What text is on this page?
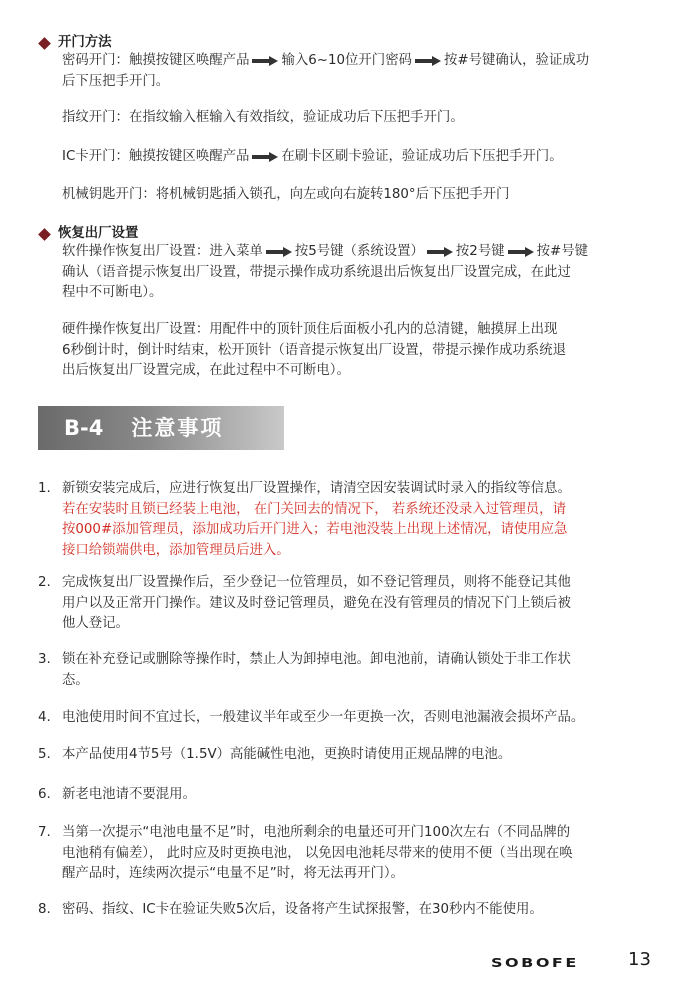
开门方法
密码开门：触摸按键区唤醒产品 输入6~10位开门密码 按#号键确认，验证成功
后下压把手开门。
指纹开门：在指纹输入框输入有效指纹，验证成功后下压把手开门。
IC卡开门：触摸按键区唤醒产品 在刷卡区刷卡验证，验证成功后下压把手开门。
机械钥匙开门：将机械钥匙插入锁孔，向左或向右旋转180°后下压把手开门
恢复出厂设置
软件操作恢复出厂设置：进入菜单 按5号键（系统设置） 按2号键 按#号键
确认（语音提示恢复出厂设置，带提示操作成功系统退出后恢复出厂设置完成，在此过
程中不可断电）。
硬件操作恢复出厂设置：用配件中的顶针顶住后面板小孔内的总清键，触摸屏上出现
6秒倒计时，倒计时结束，松开顶针（语音提示恢复出厂设置，带提示操作成功系统退
出后恢复出厂设置完成，在此过程中不可断电）。
B-4 注意事项
1. 新锁安装完成后，应进行恢复出厂设置操作，请清空因安装调试时录入的指纹等信息。
若在安装时且锁已经装上电池， 在门关回去的情况下， 若系统还没录入过管理员，请
按000#添加管理员，添加成功后开门进入；若电池没装上出现上述情况，请使用应急
接口给锁端供电，添加管理员后进入。
2. 完成恢复出厂设置操作后，至少登记一位管理员，如不登记管理员，则将不能登记其他
用户以及正常开门操作。建议及时登记管理员，避免在没有管理员的情况下门上锁后被
他人登记。
3. 锁在补充登记或删除等操作时，禁止人为卸掉电池。卸电池前，请确认锁处于非工作状
态。
4. 电池使用时间不宜过长，一般建议半年或至少一年更换一次，否则电池漏液会损坏产品。
5. 本产品使用4节5号（1.5V）高能碱性电池，更换时请使用正规品牌的电池。
6. 新老电池请不要混用。
7. 当第一次提示“电池电量不足”时，电池所剩余的电量还可开门100次左右（不同品牌的
电池稍有偏差）， 此时应及时更换电池， 以免因电池耗尽带来的使用不便（当出现在唤
醒产品时，连续两次提示“电量不足”时，将无法再开门）。
8. 密码、指纹、IC卡在验证失败5次后，设备将产生试探报警，在30秒内不能使用。
SOBOFE	13
